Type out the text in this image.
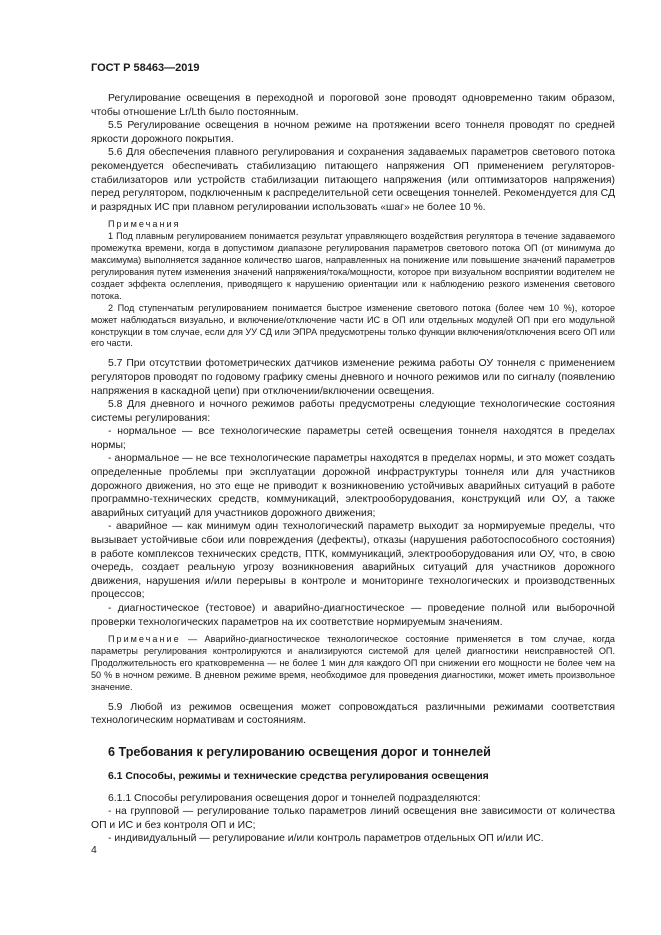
ГОСТ Р 58463—2019

Регулирование освещения в переходной и пороговой зоне проводят одновременно таким образом, чтобы отношение Lr/Lth было постоянным.

5.5 Регулирование освещения в ночном режиме на протяжении всего тоннеля проводят по средней яркости дорожного покрытия.

5.6 Для обеспечения плавного регулирования и сохранения задаваемых параметров светового потока рекомендуется обеспечивать стабилизацию питающего напряжения ОП применением регуляторов-стабилизаторов или устройств стабилизации питающего напряжения (или оптимизаторов напряжения) перед регулятором, подключенным к распределительной сети освещения тоннелей. Рекомендуется для СД и разрядных ИС при плавном регулировании использовать «шаг» не более 10 %.

Примечания

1 Под плавным регулированием понимается результат управляющего воздействия регулятора в течение задаваемого промежутка времени, когда в допустимом диапазоне регулирования параметров светового потока ОП (от минимума до максимума) выполняется заданное количество шагов, направленных на понижение или повышение значений параметров регулирования путем изменения значений напряжения/тока/мощности, которое при визуальном восприятии водителем не создает эффекта ослепления, приводящего к нарушению ориентации или к наблюдению резкого изменения светового потока.

2 Под ступенчатым регулированием понимается быстрое изменение светового потока (более чем 10 %), которое может наблюдаться визуально, и включение/отключение части ИС в ОП или отдельных модулей ОП при его модульной конструкции в том случае, если для УУ СД или ЭПРА предусмотрены только функции включения/отключения всего ОП или его части.

5.7 При отсутствии фотометрических датчиков изменение режима работы ОУ тоннеля с применением регуляторов проводят по годовому графику смены дневного и ночного режимов или по сигналу (появлению напряжения в каскадной цепи) при отключении/включении освещения.

5.8 Для дневного и ночного режимов работы предусмотрены следующие технологические состояния системы регулирования:

- нормальное — все технологические параметры сетей освещения тоннеля находятся в пределах нормы;

- анормальное — не все технологические параметры находятся в пределах нормы, и это может создать определенные проблемы при эксплуатации дорожной инфраструктуры тоннеля или для участников дорожного движения, но это еще не приводит к возникновению устойчивых аварийных ситуаций в работе программно-технических средств, коммуникаций, электрооборудования, конструкций или ОУ, а также аварийных ситуаций для участников дорожного движения;

- аварийное — как минимум один технологический параметр выходит за нормируемые пределы, что вызывает устойчивые сбои или повреждения (дефекты), отказы (нарушения работоспособного состояния) в работе комплексов технических средств, ПТК, коммуникаций, электрооборудования или ОУ, что, в свою очередь, создает реальную угрозу возникновения аварийных ситуаций для участников дорожного движения, нарушения и/или перерывы в контроле и мониторинге технологических и производственных процессов;

- диагностическое (тестовое) и аварийно-диагностическое — проведение полной или выборочной проверки технологических параметров на их соответствие нормируемым значениям.

Примечание — Аварийно-диагностическое технологическое состояние применяется в том случае, когда параметры регулирования контролируются и анализируются системой для целей диагностики неисправностей ОП. Продолжительность его кратковременна — не более 1 мин для каждого ОП при снижении его мощности не более чем на 50 % в ночном режиме. В дневном режиме время, необходимое для проведения диагностики, может иметь произвольное значение.

5.9 Любой из режимов освещения может сопровождаться различными режимами соответствия технологическим нормативам и состояниям.

6 Требования к регулированию освещения дорог и тоннелей
6.1 Способы, режимы и технические средства регулирования освещения

6.1.1 Способы регулирования освещения дорог и тоннелей подразделяются:

- на групповой — регулирование только параметров линий освещения вне зависимости от количества ОП и ИС и без контроля ОП и ИС;

- индивидуальный — регулирование и/или контроль параметров отдельных ОП и/или ИС.

4
